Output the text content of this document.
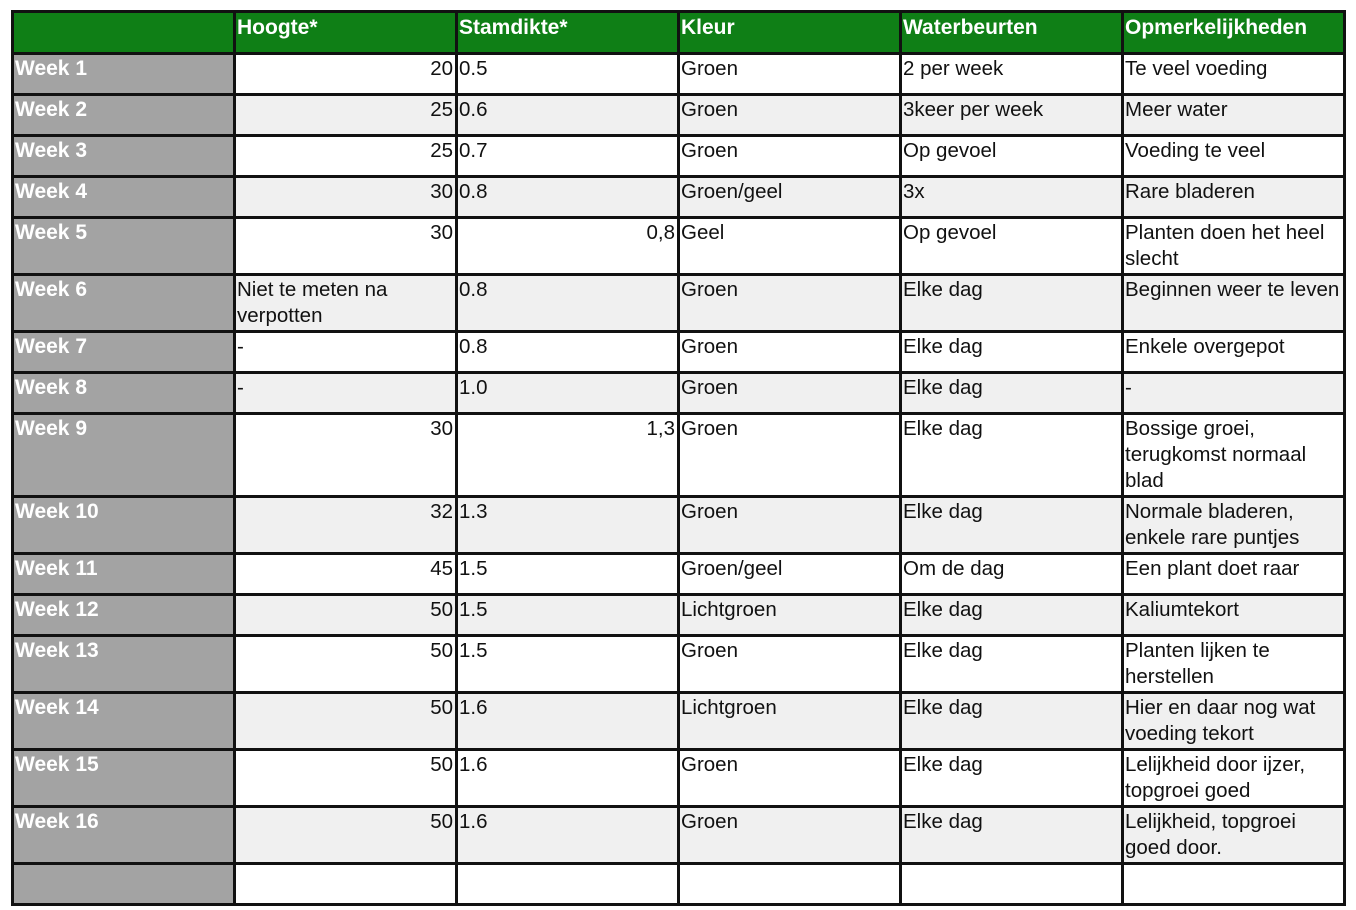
	Hoogte*	Stamdikte*	Kleur	Waterbeurten	Opmerkelijkheden
Week 1	20	0.5	Groen	2 per week	Te veel voeding
Week 2	25	0.6	Groen	3keer per week	Meer water
Week 3	25	0.7	Groen	Op gevoel	Voeding te veel
Week 4	30	0.8	Groen/geel	3x	Rare bladeren
Week 5	30	0,8	Geel	Op gevoel	Planten doen het heel slecht
Week 6	Niet te meten na verpotten	0.8	Groen	Elke dag	Beginnen weer te leven
Week 7	-	0.8	Groen	Elke dag	Enkele overgepot
Week 8	-	1.0	Groen	Elke dag	-
Week 9	30	1,3	Groen	Elke dag	Bossige groei, terugkomst normaal blad
Week 10	32	1.3	Groen	Elke dag	Normale bladeren, enkele rare puntjes
Week 11	45	1.5	Groen/geel	Om de dag	Een plant doet raar
Week 12	50	1.5	Lichtgroen	Elke dag	Kaliumtekort
Week 13	50	1.5	Groen	Elke dag	Planten lijken te herstellen
Week 14	50	1.6	Lichtgroen	Elke dag	Hier en daar nog wat voeding tekort
Week 15	50	1.6	Groen	Elke dag	Lelijkheid door ijzer, topgroei goed
Week 16	50	1.6	Groen	Elke dag	Lelijkheid, topgroei goed door.
